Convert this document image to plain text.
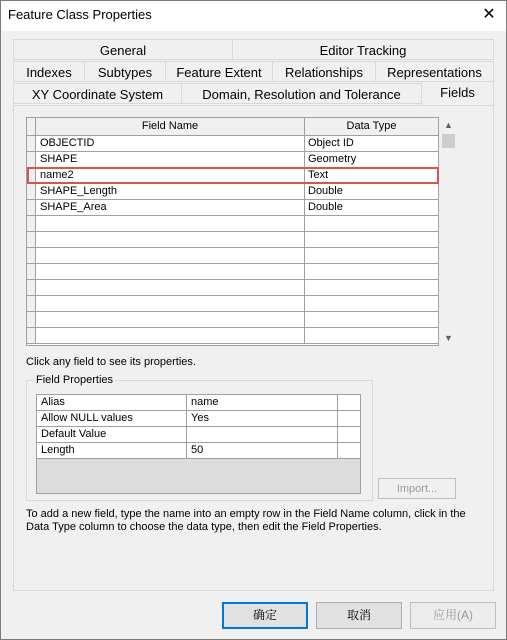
Feature Class Properties	✕
General	Editor Tracking
Indexes	Subtypes	Feature Extent	Relationships	Representations
XY Coordinate System	Domain, Resolution and Tolerance	Fields
Field Name	Data Type
OBJECTID	Object ID
SHAPE	Geometry
name2	Text
SHAPE_Length	Double
SHAPE_Area	Double
▲
▼
Click any field to see its properties.
Field Properties
Alias	name
Allow NULL values	Yes
Default Value
Length	50
Import...
To add a new field, type the name into an empty row in the Field Name column, click in the Data Type column to choose the data type, then edit the Field Properties.
确定	取消	应用(A)
